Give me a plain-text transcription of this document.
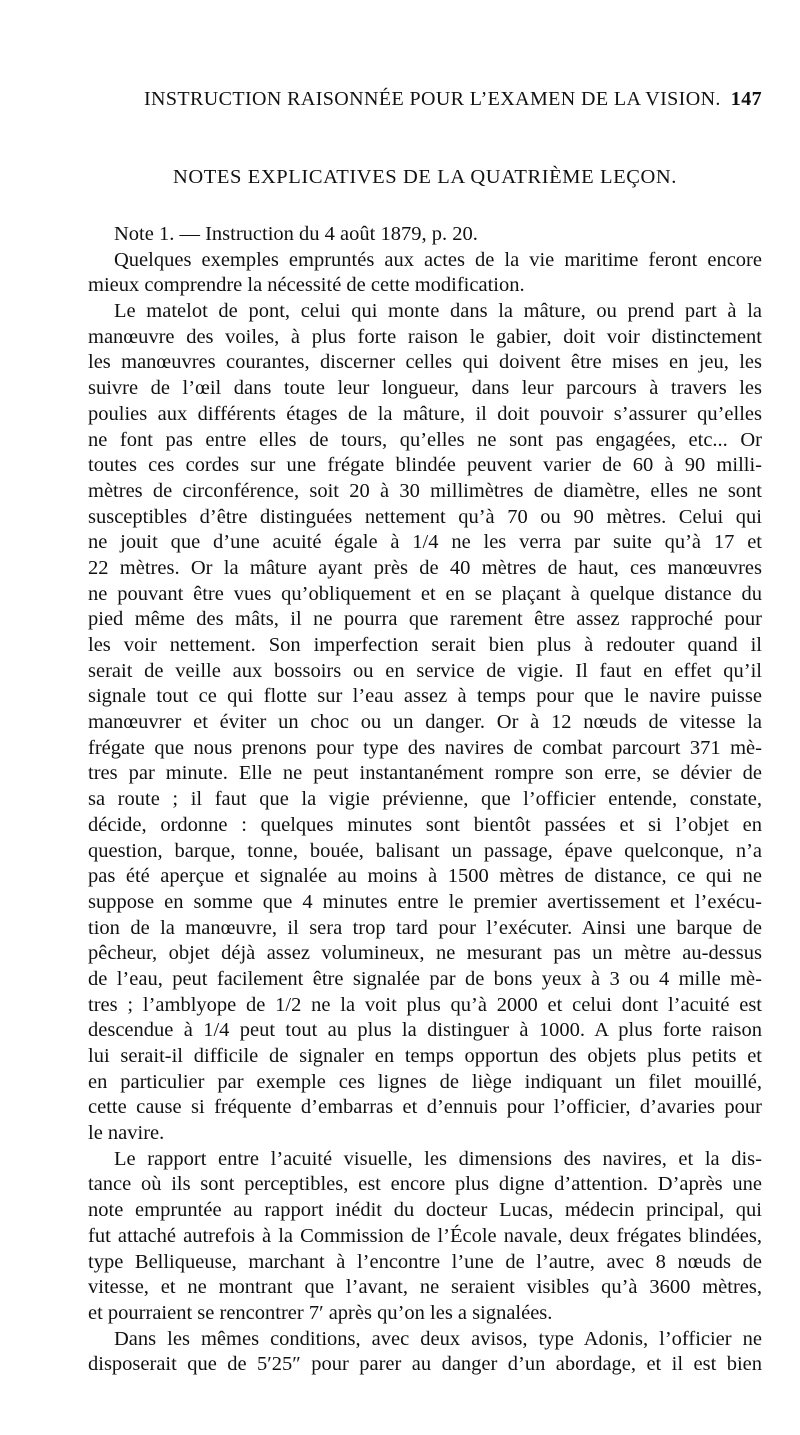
INSTRUCTION RAISONNÉE POUR L’EXAMEN DE LA VISION. 147
NOTES EXPLICATIVES DE LA QUATRIÈME LEÇON.
Note 1. — Instruction du 4 août 1879, p. 20.
Quelques exemples empruntés aux actes de la vie maritime feront encore
mieux comprendre la nécessité de cette modification.
Le matelot de pont, celui qui monte dans la mâture, ou prend part à la
manœuvre des voiles, à plus forte raison le gabier, doit voir distinctement
les manœuvres courantes, discerner celles qui doivent être mises en jeu, les
suivre de l’œil dans toute leur longueur, dans leur parcours à travers les
poulies aux différents étages de la mâture, il doit pouvoir s’assurer qu’elles
ne font pas entre elles de tours, qu’elles ne sont pas engagées, etc... Or
toutes ces cordes sur une frégate blindée peuvent varier de 60 à 90 milli-
mètres de circonférence, soit 20 à 30 millimètres de diamètre, elles ne sont
susceptibles d’être distinguées nettement qu’à 70 ou 90 mètres. Celui qui
ne jouit que d’une acuité égale à 1/4 ne les verra par suite qu’à 17 et
22 mètres. Or la mâture ayant près de 40 mètres de haut, ces manœuvres
ne pouvant être vues qu’obliquement et en se plaçant à quelque distance du
pied même des mâts, il ne pourra que rarement être assez rapproché pour
les voir nettement. Son imperfection serait bien plus à redouter quand il
serait de veille aux bossoirs ou en service de vigie. Il faut en effet qu’il
signale tout ce qui flotte sur l’eau assez à temps pour que le navire puisse
manœuvrer et éviter un choc ou un danger. Or à 12 nœuds de vitesse la
frégate que nous prenons pour type des navires de combat parcourt 371 mè-
tres par minute. Elle ne peut instantanément rompre son erre, se dévier de
sa route ; il faut que la vigie prévienne, que l’officier entende, constate,
décide, ordonne : quelques minutes sont bientôt passées et si l’objet en
question, barque, tonne, bouée, balisant un passage, épave quelconque, n’a
pas été aperçue et signalée au moins à 1500 mètres de distance, ce qui ne
suppose en somme que 4 minutes entre le premier avertissement et l’exécu-
tion de la manœuvre, il sera trop tard pour l’exécuter. Ainsi une barque de
pêcheur, objet déjà assez volumineux, ne mesurant pas un mètre au-dessus
de l’eau, peut facilement être signalée par de bons yeux à 3 ou 4 mille mè-
tres ; l’amblyope de 1/2 ne la voit plus qu’à 2000 et celui dont l’acuité est
descendue à 1/4 peut tout au plus la distinguer à 1000. A plus forte raison
lui serait-il difficile de signaler en temps opportun des objets plus petits et
en particulier par exemple ces lignes de liège indiquant un filet mouillé,
cette cause si fréquente d’embarras et d’ennuis pour l’officier, d’avaries pour
le navire.
Le rapport entre l’acuité visuelle, les dimensions des navires, et la dis-
tance où ils sont perceptibles, est encore plus digne d’attention. D’après une
note empruntée au rapport inédit du docteur Lucas, médecin principal, qui
fut attaché autrefois à la Commission de l’École navale, deux frégates blindées,
type Belliqueuse, marchant à l’encontre l’une de l’autre, avec 8 nœuds de
vitesse, et ne montrant que l’avant, ne seraient visibles qu’à 3600 mètres,
et pourraient se rencontrer 7′ après qu’on les a signalées.
Dans les mêmes conditions, avec deux avisos, type Adonis, l’officier ne
disposerait que de 5′25″ pour parer au danger d’un abordage, et il est bien
